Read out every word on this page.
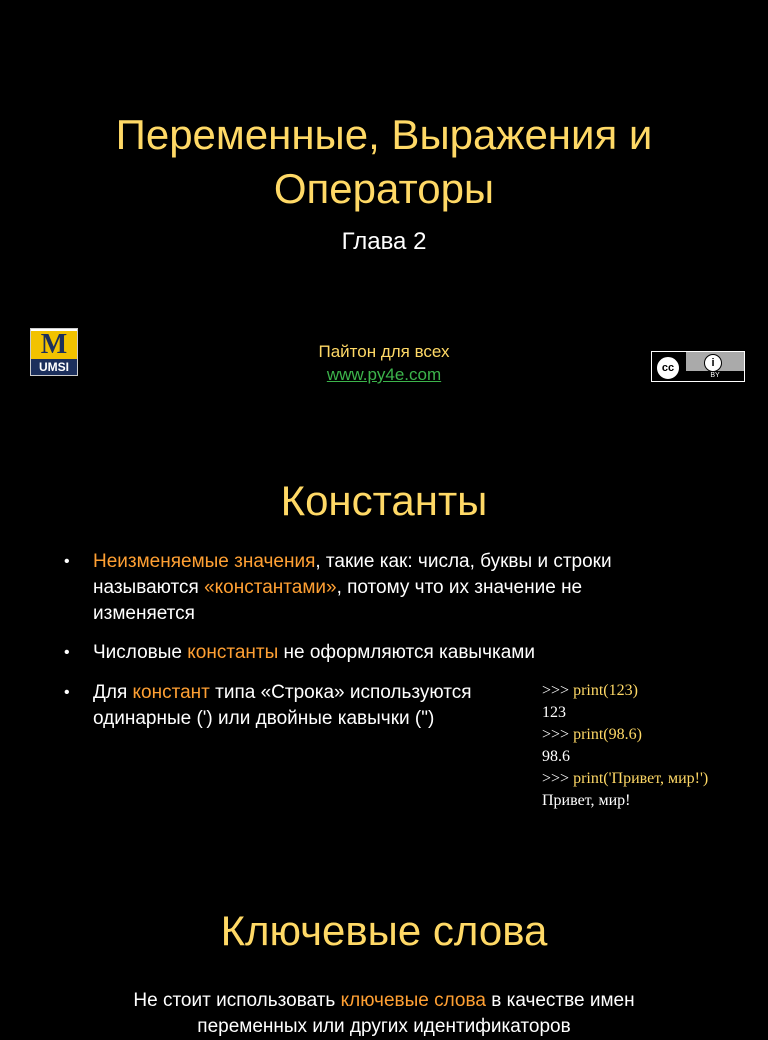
Переменные, Выражения и
Операторы
Глава 2
M
UMSI
Пайтон для всех
www.py4e.com	cc	i
BY
Константы
• Неизменяемые значения, такие как: числа, буквы и строки
называются «константами», потому что их значение не
изменяется
• Числовые константы не оформляются кавычками
• Для констант типа «Строка» используются
одинарные (') или двойные кавычки (")
>>> print(123)
123
>>> print(98.6)
98.6
>>> print('Привет, мир!')
Привет, мир!
Ключевые слова
Не стоит использовать ключевые слова в качестве имен
переменных или других идентификаторов
